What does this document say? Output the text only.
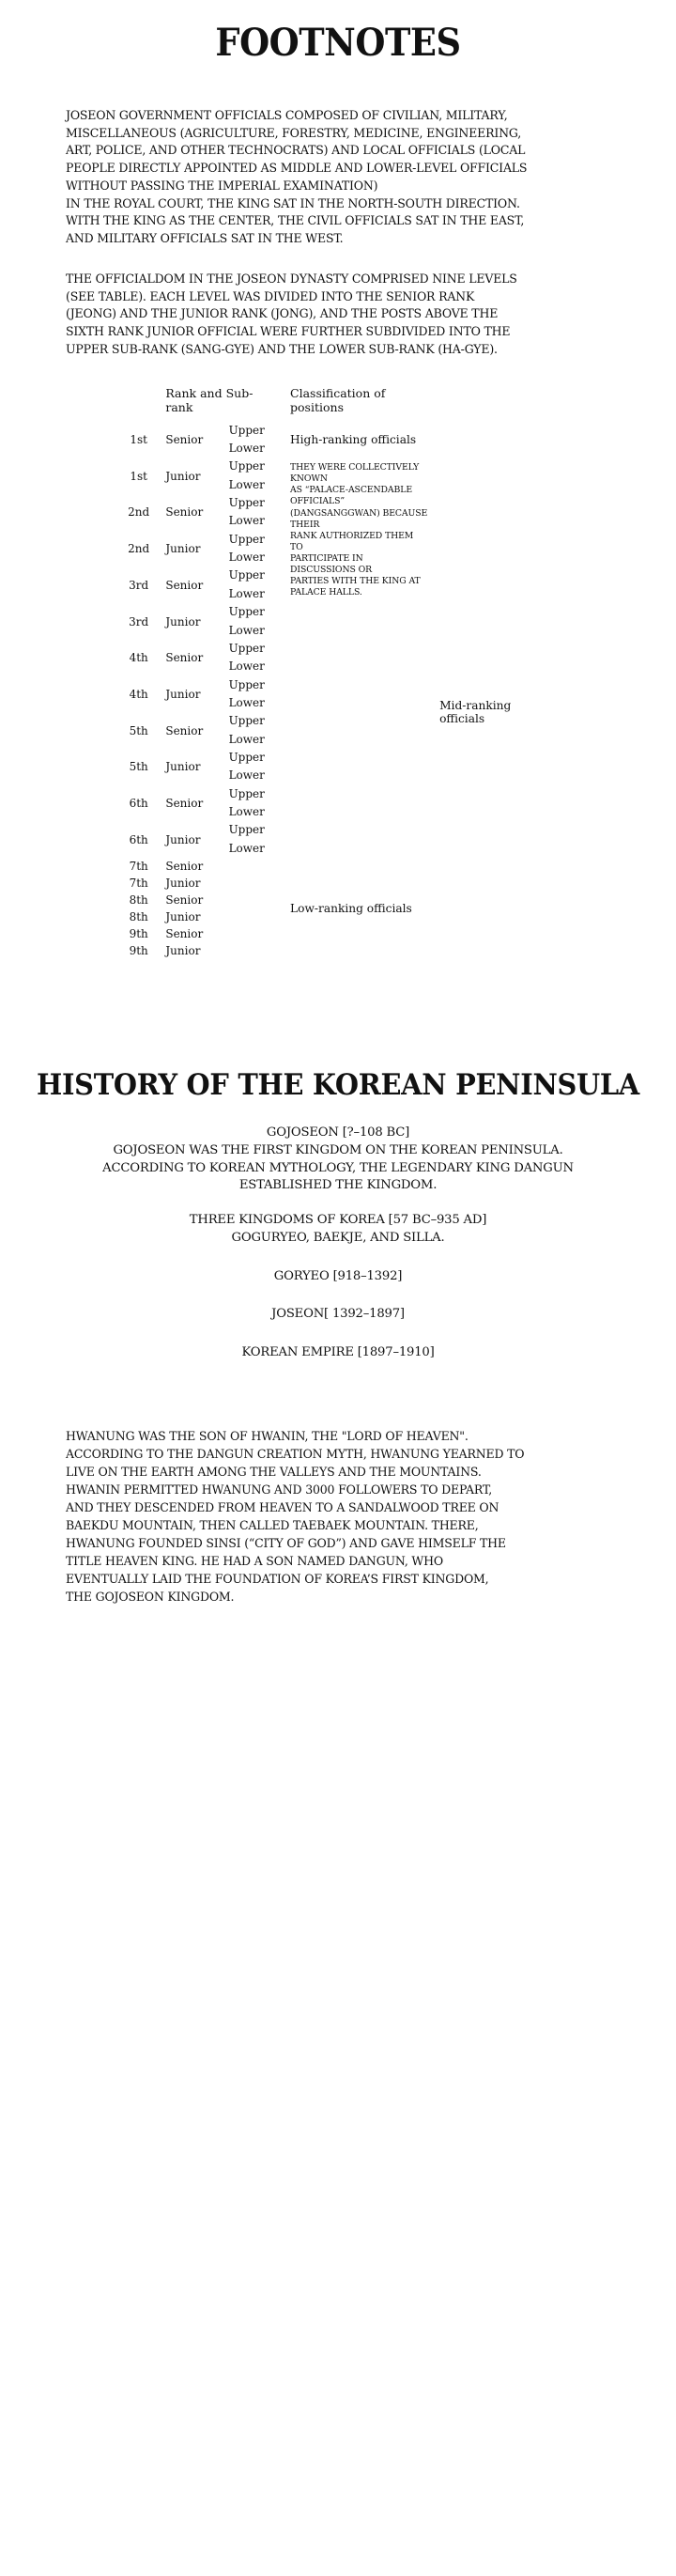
FOOTNOTES
JOSEON GOVERNMENT OFFICIALS COMPOSED OF CIVILIAN, MILITARY,
MISCELLANEOUS (AGRICULTURE, FORESTRY, MEDICINE, ENGINEERING,
ART, POLICE, AND OTHER TECHNOCRATS) AND LOCAL OFFICIALS (LOCAL
PEOPLE DIRECTLY APPOINTED AS MIDDLE AND LOWER-LEVEL OFFICIALS
WITHOUT PASSING THE IMPERIAL EXAMINATION)
IN THE ROYAL COURT, THE KING SAT IN THE NORTH-SOUTH DIRECTION.
WITH THE KING AS THE CENTER, THE CIVIL OFFICIALS SAT IN THE EAST,
AND MILITARY OFFICIALS SAT IN THE WEST.
THE OFFICIALDOM IN THE JOSEON DYNASTY COMPRISED NINE LEVELS
(SEE TABLE). EACH LEVEL WAS DIVIDED INTO THE SENIOR RANK
(JEONG) AND THE JUNIOR RANK (JONG), AND THE POSTS ABOVE THE
SIXTH RANK JUNIOR OFFICIAL WERE FURTHER SUBDIVIDED INTO THE
UPPER SUB-RANK (SANG-GYE) AND THE LOWER SUB-RANK (HA-GYE).
	Rank and Sub-rank		Classification of positions	
1st	Senior	Upper	High-ranking officials	
		Lower		
1st	Junior	Upper	THEY WERE COLLECTIVELY KNOWN
AS “PALACE-ASCENDABLE OFFICIALS”
(DANGSANGGWAN) BECAUSE THEIR
RANK AUTHORIZED THEM TO
PARTICIPATE IN DISCUSSIONS OR
PARTIES WITH THE KING AT
PALACE HALLS.

		Lower		
2nd	Senior	Upper		
		Lower		
2nd	Junior	Upper		
		Lower		
3rd	Senior	Upper		
		Lower		Mid-ranking officials
3rd	Junior	Upper		
		Lower		
4th	Senior	Upper		
		Lower		
4th	Junior	Upper		
		Lower		
5th	Senior	Upper		
		Lower		
5th	Junior	Upper		
		Lower		
6th	Senior	Upper		
		Lower		
6th	Junior	Upper		
		Lower		
7th	Senior		Low-ranking officials	
7th	Junior			
8th	Senior			
8th	Junior			
9th	Senior			
9th	Junior			
HISTORY OF THE KOREAN PENINSULA
GOJOSEON [?–108 BC]
GOJOSEON WAS THE FIRST KINGDOM ON THE KOREAN PENINSULA.
ACCORDING TO KOREAN MYTHOLOGY, THE LEGENDARY KING DANGUN
ESTABLISHED THE KINGDOM.
THREE KINGDOMS OF KOREA [57 BC–935 AD]
GOGURYEO, BAEKJE, AND SILLA.
GORYEO [918–1392]
JOSEON[ 1392–1897]
KOREAN EMPIRE [1897–1910]
HWANUNG WAS THE SON OF HWANIN, THE "LORD OF HEAVEN".
ACCORDING TO THE DANGUN CREATION MYTH, HWANUNG YEARNED TO
LIVE ON THE EARTH AMONG THE VALLEYS AND THE MOUNTAINS.
HWANIN PERMITTED HWANUNG AND 3000 FOLLOWERS TO DEPART,
AND THEY DESCENDED FROM HEAVEN TO A SANDALWOOD TREE ON
BAEKDU MOUNTAIN, THEN CALLED TAEBAEK MOUNTAIN. THERE,
HWANUNG FOUNDED SINSI (“CITY OF GOD”) AND GAVE HIMSELF THE
TITLE HEAVEN KING. HE HAD A SON NAMED DANGUN, WHO
EVENTUALLY LAID THE FOUNDATION OF KOREA’S FIRST KINGDOM,
THE GOJOSEON KINGDOM.
